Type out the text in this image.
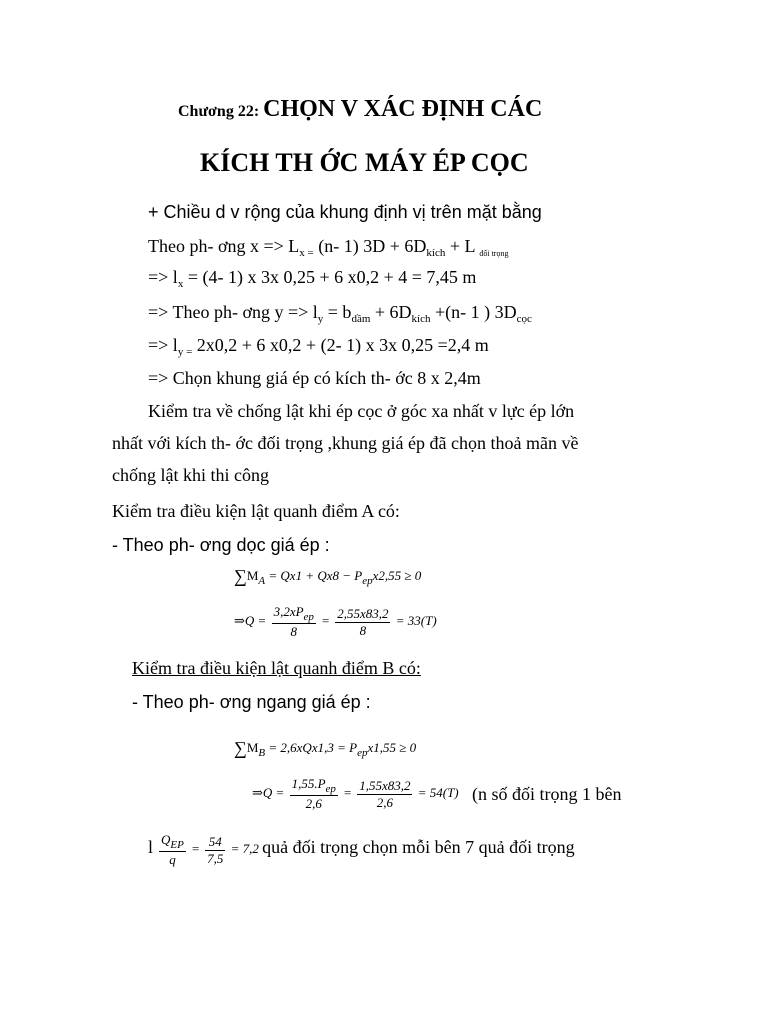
Chương 22: CHỌN V XÁC ĐỊNH CÁC
KÍCH TH ỚC MÁY ÉP CỌC
+ Chiều d v rộng của khung định vị trên mặt bằng
Theo ph- ơng $x => L_{x =}$ (n- 1) $3D + 6D_{kích} + L$ $_{đối trọng}$
=> $l_x = (4-$ 1) x 3x 0,25 + 6 x0,2 + 4 = 7,45 m
=> Theo ph- ơng $y => l_y = b_{dầm} + 6D_{kích} +(n-$ 1 ) $3D_{cọc}$
=> $l_{y =}$ 2x0,2 + 6 x0,2 + (2- 1) x 3x 0,25 =2,4 m
=> Chọn khung giá ép có kích th- ớc 8 x 2,4m
Kiểm tra về chống lật khi ép cọc ở góc xa nhất v lực ép lớn
nhất với kích th- ớc đối trọng ,khung giá ép đã chọn thoả mãn về
chống lật khi thi công
Kiểm tra điều kiện lật quanh điểm A có:
- Theo ph- ơng dọc giá ép :
$\sum M_A = Qx1 + Qx8 - P_{ep}x2,55 \ge 0$
⇒Q = $\frac{3,2xP_{ep}}{8} = \frac{2,55x83,2}{8} = 33(T)$
Kiểm tra điều kiện lật quanh điểm B có:
- Theo ph- ơng ngang giá ép :
$\sum M_B = 2,6xQx1,3 = P_{ep}x1,55 \ge 0$
⇒Q = $\frac{1,55.P_{ep}}{2,6} = \frac{1,55x83,2}{2,6} = 54(T)$ (n số đối trọng 1 bên
l $\frac{Q_{EP}}{q} = \frac{54}{7,5} = 7,2$ quả đối trọng chọn mỗi bên 7 quả đối trọng
